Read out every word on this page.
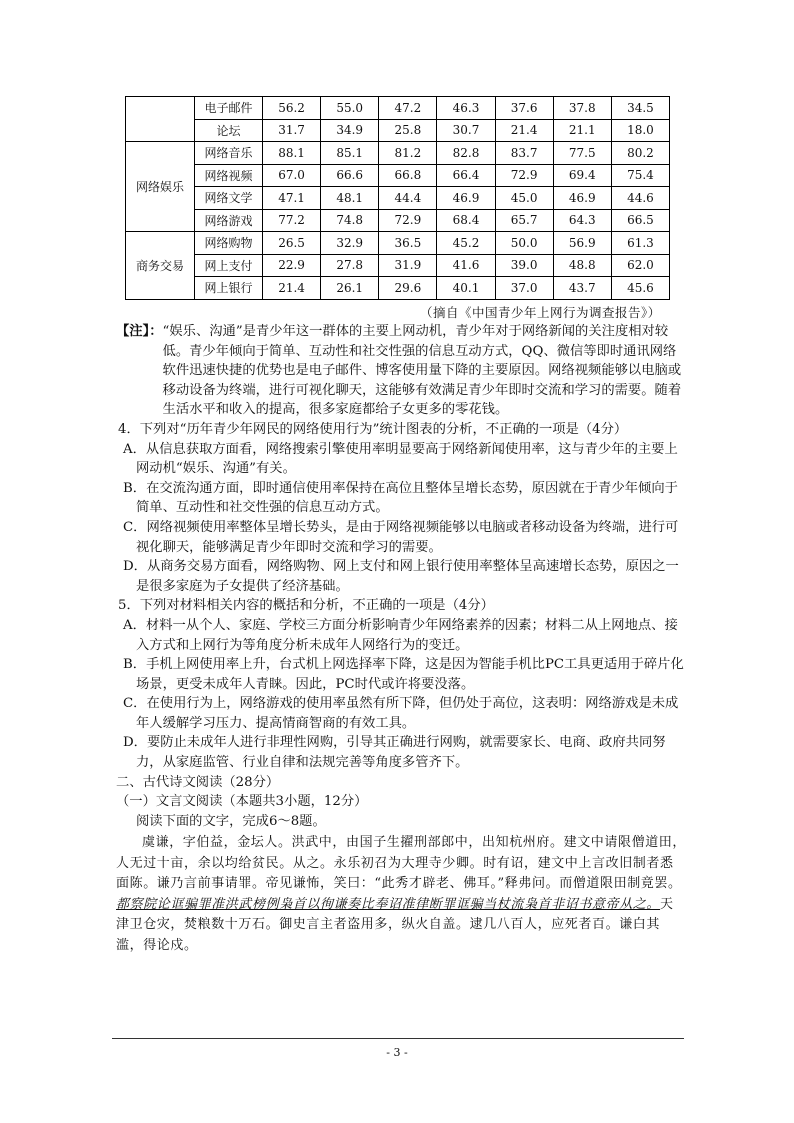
	电子邮件	56.2	55.0	47.2	46.3	37.6	37.8	34.5
	论坛	31.7	34.9	25.8	30.7	21.4	21.1	18.0
网络娱乐	网络音乐	88.1	85.1	81.2	82.8	83.7	77.5	80.2
	网络视频	67.0	66.6	66.8	66.4	72.9	69.4	75.4
	网络文学	47.1	48.1	44.4	46.9	45.0	46.9	44.6
	网络游戏	77.2	74.8	72.9	68.4	65.7	64.3	66.5
商务交易	网络购物	26.5	32.9	36.5	45.2	50.0	56.9	61.3
	网上支付	22.9	27.8	31.9	41.6	39.0	48.8	62.0
	网上银行	21.4	26.1	29.6	40.1	37.0	43.7	45.6
（摘自《中国青少年上网行为调查报告》）
【注】： “娱乐、沟通”是青少年这一群体的主要上网动机，青少年对于网络新闻的关注度相对较低。青少年倾向于简单、互动性和社交性强的信息互动方式，QQ、微信等即时通讯网络软件迅速快捷的优势也是电子邮件、博客使用量下降的主要原因。网络视频能够以电脑或移动设备为终端，进行可视化聊天，这能够有效满足青少年即时交流和学习的需要。随着生活水平和收入的提高，很多家庭都给子女更多的零花钱。

4．下列对“历年青少年网民的网络使用行为”统计图表的分析，不正确的一项是（4分）

A．从信息获取方面看，网络搜索引擎使用率明显要高于网络新闻使用率，这与青少年的主要上网动机“娱乐、沟通”有关。

B．在交流沟通方面，即时通信使用率保持在高位且整体呈增长态势，原因就在于青少年倾向于简单、互动性和社交性强的信息互动方式。

C．网络视频使用率整体呈增长势头，是由于网络视频能够以电脑或者移动设备为终端，进行可视化聊天，能够满足青少年即时交流和学习的需要。

D．从商务交易方面看，网络购物、网上支付和网上银行使用率整体呈高速增长态势，原因之一是很多家庭为子女提供了经济基础。

5．下列对材料相关内容的概括和分析，不正确的一项是（4分）

A．材料一从个人、家庭、学校三方面分析影响青少年网络素养的因素；材料二从上网地点、接入方式和上网行为等角度分析未成年人网络行为的变迁。

B．手机上网使用率上升，台式机上网选择率下降，这是因为智能手机比PC工具更适用于碎片化场景，更受未成年人青睐。因此，PC时代或许将要没落。

C．在使用行为上，网络游戏的使用率虽然有所下降，但仍处于高位，这表明：网络游戏是未成年人缓解学习压力、提高情商智商的有效工具。

D．要防止未成年人进行非理性网购，引导其正确进行网购，就需要家长、电商、政府共同努力，从家庭监管、行业自律和法规完善等角度多管齐下。

二、古代诗文阅读（28分）

（一）文言文阅读（本题共3小题，12分）

阅读下面的文字，完成6～8题。

虞谦，字伯益，金坛人。洪武中，由国子生擢刑部郎中，出知杭州府。建文中请限僧道田，人无过十亩，余以均给贫民。从之。永乐初召为大理寺少卿。时有诏，建文中上言改旧制者悉面陈。谦乃言前事请罪。帝见谦怖，笑曰：“此秀才辟老、佛耳。”释弗问。而僧道限田制竟罢。都察院论诓骗罪准洪武榜例枭首以徇谦奏比奉诏准律断罪诓骗当杖流枭首非诏书意帝从之。天津卫仓灾，焚粮数十万石。御史言主者盗用多，纵火自盖。逮几八百人，应死者百。谦白其滥，得论戍。
- 3 -
